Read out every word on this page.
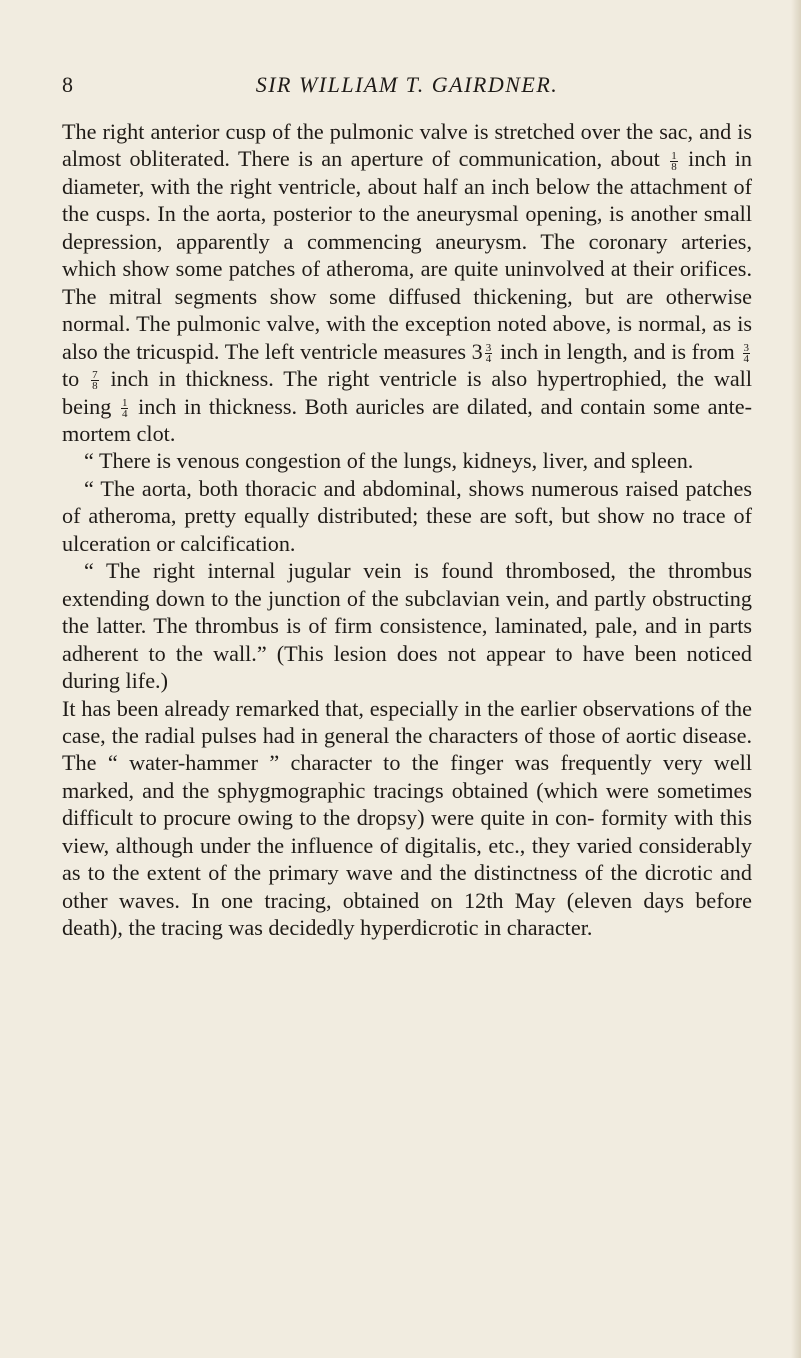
8	SIR WILLIAM T. GAIRDNER.

The right anterior cusp of the pulmonic valve is stretched over the sac, and is almost obliterated. There is an aperture of communication, about $\frac{1}{8}$ inch in diameter, with the right ventricle, about half an inch below the attachment of the cusps. In the aorta, posterior to the aneurysmal opening, is another small depression, apparently a commencing aneurysm. The coronary arteries, which show some patches of atheroma, are quite uninvolved at their orifices. The mitral segments show some diffused thickening, but are otherwise normal. The pulmonic valve, with the exception noted above, is normal, as is also the tricuspid. The left ventricle measures $3 \frac{3}{4}$ inch in length, and is from $\frac{3}{4}$
to $\frac{7}{8}$ inch in thickness. The right ventricle is also hypertrophied, the wall being $\frac{1}{4}$ inch in thickness. Both auricles are dilated, and contain some ante-mortem clot.

“ There is venous congestion of the lungs, kidneys, liver, and spleen.

“ The aorta, both thoracic and abdominal, shows numerous raised patches of atheroma, pretty equally distributed; these are soft, but show no trace of ulceration or calcification.

“ The right internal jugular vein is found thrombosed, the thrombus extending down to the junction of the subclavian vein, and partly obstructing the latter. The thrombus is of firm consistence, laminated, pale, and in parts adherent to the wall.” (This lesion does not appear to have been noticed during life.)

It has been already remarked that, especially in the earlier observations of the case, the radial pulses had in general the characters of those of aortic disease. The “ water-hammer ” character to the finger was frequently very well marked, and the sphygmographic tracings obtained (which were sometimes difficult to procure owing to the dropsy) were quite in con- formity with this view, although under the influence of digitalis, etc., they varied considerably as to the extent of the primary wave and the distinctness of the dicrotic and other waves. In one tracing, obtained on 12th May (eleven days before death), the tracing was decidedly hyperdicrotic in character.
